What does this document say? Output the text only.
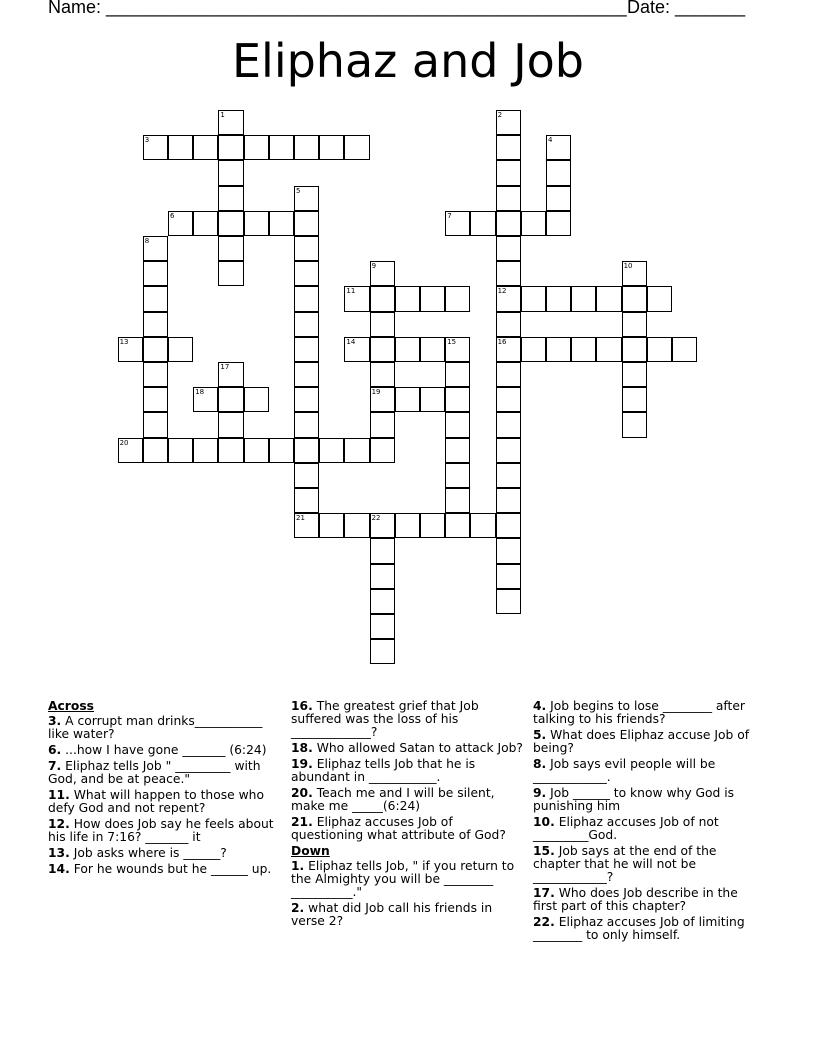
Name: ____________________________________________________ Date: _______
Eliphaz and Job
1	2
12
16
3	4
5
6	7
8
9
19
10
11
13	14	15
17
18
20
21	22
Across
3. A corrupt man drinks___________ like water?
6. ...how I have gone _______ (6:24)
7. Eliphaz tells Job " _________ with God, and be at peace."
11. What will happen to those who defy God and not repent?
12. How does Job say he feels about his life in 7:16? _______ it
13. Job asks where is ______?
14. For he wounds but he ______ up.
16. The greatest grief that Job suffered was the loss of his _____________?
18. Who allowed Satan to attack Job?
19. Eliphaz tells Job that he is abundant in ___________.
20. Teach me and I will be silent, make me _____(6:24)
21. Eliphaz accuses Job of questioning what attribute of God?
Down
1. Eliphaz tells Job, " if you return to the Almighty you will be ________ __________."
2. what did Job call his friends in verse 2?
4. Job begins to lose ________ after talking to his friends?
5. What does Eliphaz accuse Job of being?
8. Job says evil people will be ____________.
9. Job ______ to know why God is punishing him
10. Eliphaz accuses Job of not _________God.
15. Job says at the end of the chapter that he will not be ____________?
17. Who does Job describe in the first part of this chapter?
22. Eliphaz accuses Job of limiting ________ to only himself.
